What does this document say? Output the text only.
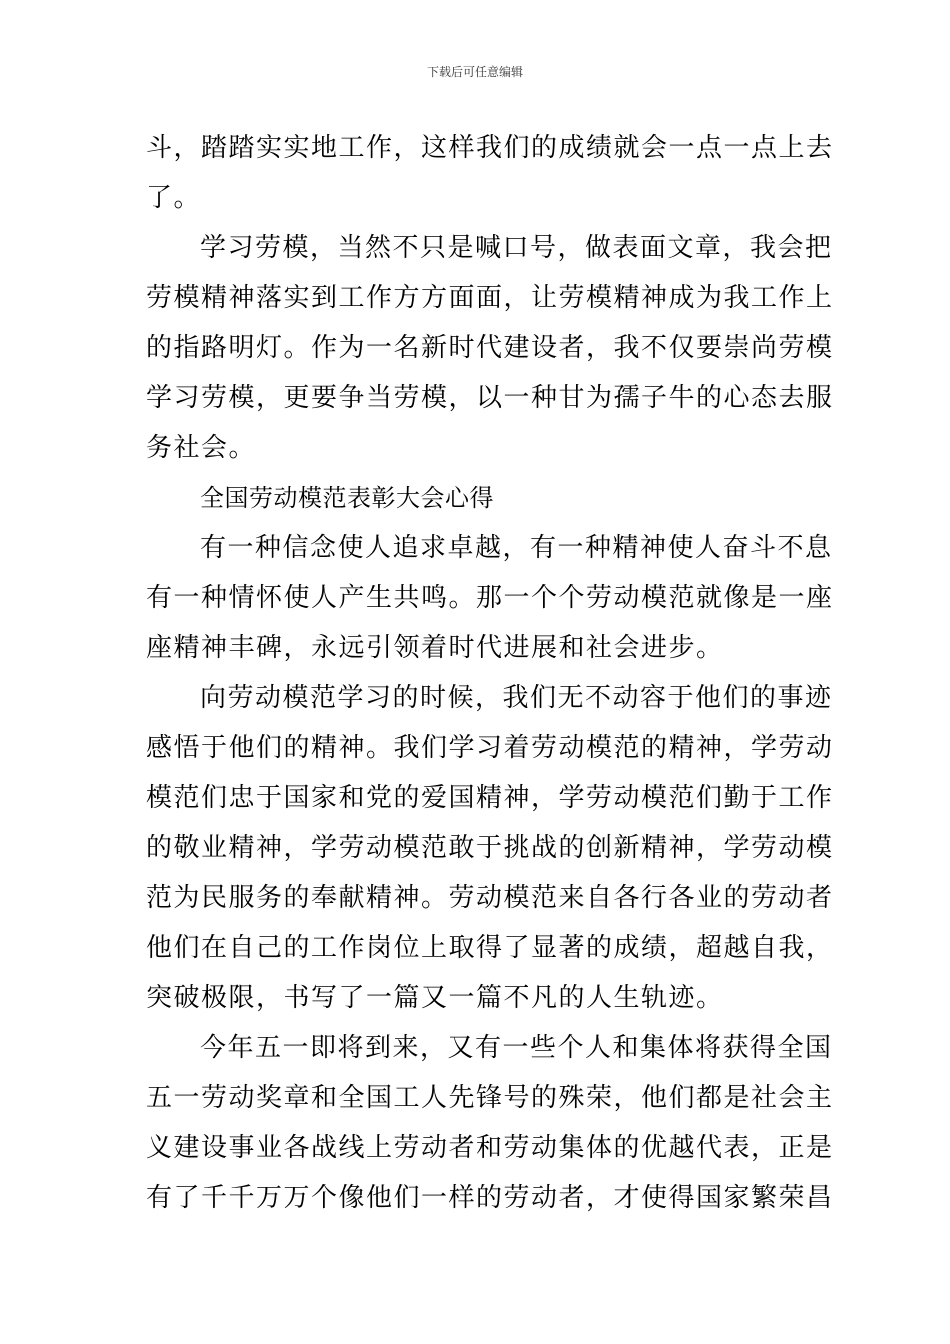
下载后可任意编辑
斗，踏踏实实地工作，这样我们的成绩就会一点一点上去
了。
学习劳模，当然不只是喊口号，做表面文章，我会把
劳模精神落实到工作方方面面，让劳模精神成为我工作上
的指路明灯。作为一名新时代建设者，我不仅要崇尚劳模
学习劳模，更要争当劳模，以一种甘为孺子牛的心态去服
务社会。
全国劳动模范表彰大会心得
有一种信念使人追求卓越，有一种精神使人奋斗不息
有一种情怀使人产生共鸣。那一个个劳动模范就像是一座
座精神丰碑，永远引领着时代进展和社会进步。
向劳动模范学习的时候，我们无不动容于他们的事迹
感悟于他们的精神。我们学习着劳动模范的精神，学劳动
模范们忠于国家和党的爱国精神，学劳动模范们勤于工作
的敬业精神，学劳动模范敢于挑战的创新精神，学劳动模
范为民服务的奉献精神。劳动模范来自各行各业的劳动者
他们在自己的工作岗位上取得了显著的成绩，超越自我，
突破极限，书写了一篇又一篇不凡的人生轨迹。
今年五一即将到来，又有一些个人和集体将获得全国
五一劳动奖章和全国工人先锋号的殊荣，他们都是社会主
义建设事业各战线上劳动者和劳动集体的优越代表，正是
有了千千万万个像他们一样的劳动者，才使得国家繁荣昌
